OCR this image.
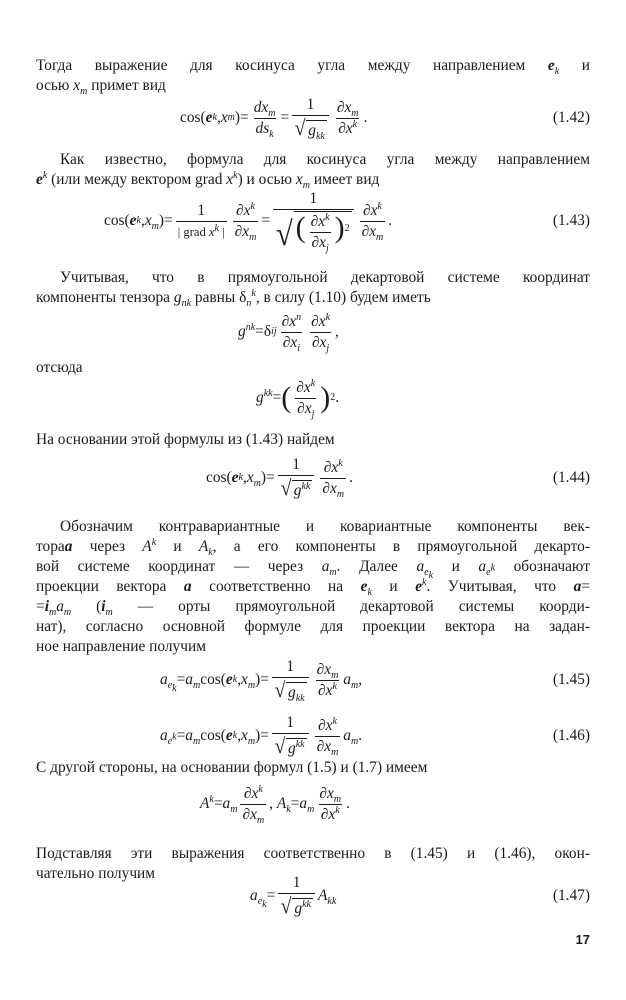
Тогда выражение для косинуса угла между направлением $e_k$ и
осью $x_m$ примет вид
cos( e k , x m )= $\frac{dx_m}{ds_k} = \frac{1}{√ g_{kk}} \frac{\partial x_m}{\partial x^k}$ .	(1.42)
Как известно, формула для косинуса угла между направлением
$e^k$ (или между вектором grad $x^k$) и осью $x_m$ имеет вид
cos( e k , $x_m$ )= $\frac{1}{| grad x^k |} \frac{\partial x^k}{\partial x_m} = \frac{1}{√ ( \frac{\partial x^k}{\partial x_j} )^2} \frac{\partial x^k}{\partial x_m}$ .	(1.43)
Учитывая, что в прямоугольной декартовой системе координат
компоненты тензора $g_{nk}$ равны $\delta_n^k$, в силу (1.10) будем иметь
$g^{nk} =\delta$ i j $\frac{\partial x^n}{\partial x_i} \frac{\partial x^k}{\partial x_j}$ ,
отсюда
$g^{kk}$ = ( $\frac{\partial x^k}{\partial x_j}$ ) 2 .
На основании этой формулы из (1.43) найдем
cos( e k , $x_m$ )= $\frac{1}{√ g^{kk}} \frac{\partial x^k}{\partial x_m}$ .	(1.44)
Обозначим контравариантные и ковариантные компоненты век-
тораa через $A^k$ и $A_k$, а его компоненты в прямоугольной декарто-
вой системе координат — через $a_m$. Далее $a_{e_k}$ и $a_{e^k}$ обозначают
проекции вектора a соответственно на $e_k$ и $e^k$. Учитывая, что a=
$=i_ma_m$ ($i_m$ — орты прямоугольной декартовой системы коорди-
нат), согласно основной формуле для проекции вектора на задан-
ное направление получим
$a_{e_k}$
= $a_m$ cos( e k , $x_m$ )= $\frac{1}{√ g_{kk}} \frac{\partial x_m}{\partial x^k} a_m$ ,	(1.45)
$a_{e^k} = a_m$ cos( e k , $x_m$ )= $\frac{1}{√ g^{kk}} \frac{\partial x^k}{\partial x_m} a_m$ .	(1.46)
С другой стороны, на основании формул (1.5) и (1.7) имеем
$A^k = a_m \frac{\partial x^k}{\partial x_m}$ , $A_k = a_m \frac{\partial x_m}{\partial x^k}$ .
Подставляя эти выражения соответственно в (1.45) и (1.46), окон-
чательно получим
$a_{e_k}$
= $\frac{1}{√ g^{kk}} A_{kk}$	(1.47)
17
